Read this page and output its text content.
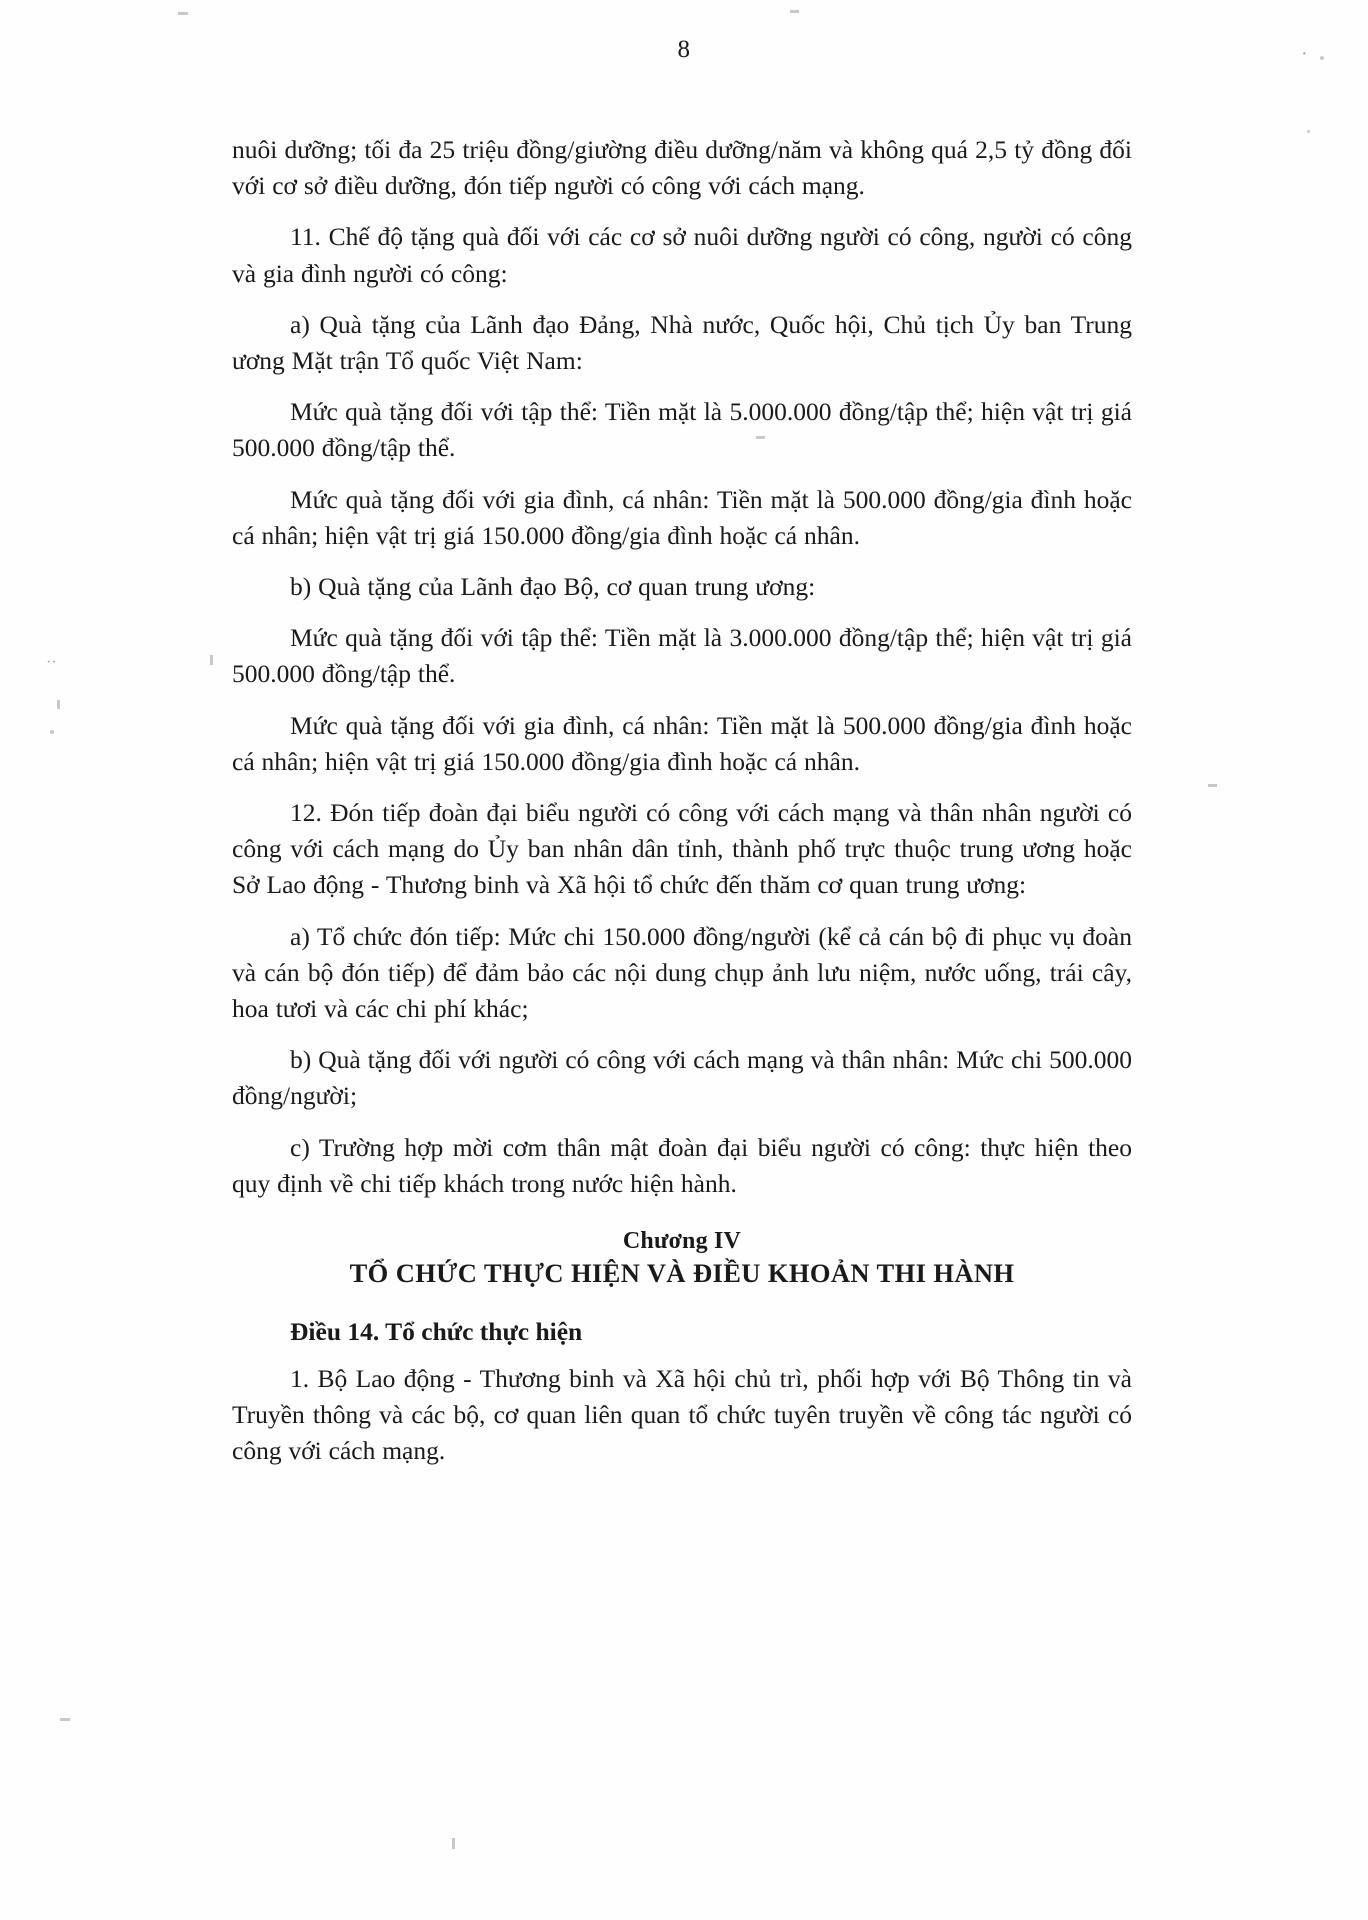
8	·
··

nuôi dưỡng; tối đa 25 triệu đồng/giường điều dưỡng/năm và không quá 2,5 tỷ đồng đối với cơ sở điều dưỡng, đón tiếp người có công với cách mạng.

11. Chế độ tặng quà đối với các cơ sở nuôi dưỡng người có công, người có công và gia đình người có công:

a) Quà tặng của Lãnh đạo Đảng, Nhà nước, Quốc hội, Chủ tịch Ủy ban Trung ương Mặt trận Tổ quốc Việt Nam:

Mức quà tặng đối với tập thể: Tiền mặt là 5.000.000 đồng/tập thể; hiện vật trị giá 500.000 đồng/tập thể.

Mức quà tặng đối với gia đình, cá nhân: Tiền mặt là 500.000 đồng/gia đình hoặc cá nhân; hiện vật trị giá 150.000 đồng/gia đình hoặc cá nhân.

b) Quà tặng của Lãnh đạo Bộ, cơ quan trung ương:

Mức quà tặng đối với tập thể: Tiền mặt là 3.000.000 đồng/tập thể; hiện vật trị giá 500.000 đồng/tập thể.

Mức quà tặng đối với gia đình, cá nhân: Tiền mặt là 500.000 đồng/gia đình hoặc cá nhân; hiện vật trị giá 150.000 đồng/gia đình hoặc cá nhân.

12. Đón tiếp đoàn đại biểu người có công với cách mạng và thân nhân người có công với cách mạng do Ủy ban nhân dân tỉnh, thành phố trực thuộc trung ương hoặc Sở Lao động - Thương binh và Xã hội tổ chức đến thăm cơ quan trung ương:

a) Tổ chức đón tiếp: Mức chi 150.000 đồng/người (kể cả cán bộ đi phục vụ đoàn và cán bộ đón tiếp) để đảm bảo các nội dung chụp ảnh lưu niệm, nước uống, trái cây, hoa tươi và các chi phí khác;

b) Quà tặng đối với người có công với cách mạng và thân nhân: Mức chi 500.000 đồng/người;

c) Trường hợp mời cơm thân mật đoàn đại biểu người có công: thực hiện theo quy định về chi tiếp khách trong nước hiện hành.

Chương IV
TỔ CHỨC THỰC HIỆN VÀ ĐIỀU KHOẢN THI HÀNH
Điều 14. Tổ chức thực hiện

1. Bộ Lao động - Thương binh và Xã hội chủ trì, phối hợp với Bộ Thông tin và Truyền thông và các bộ, cơ quan liên quan tổ chức tuyên truyền về công tác người có công với cách mạng.
